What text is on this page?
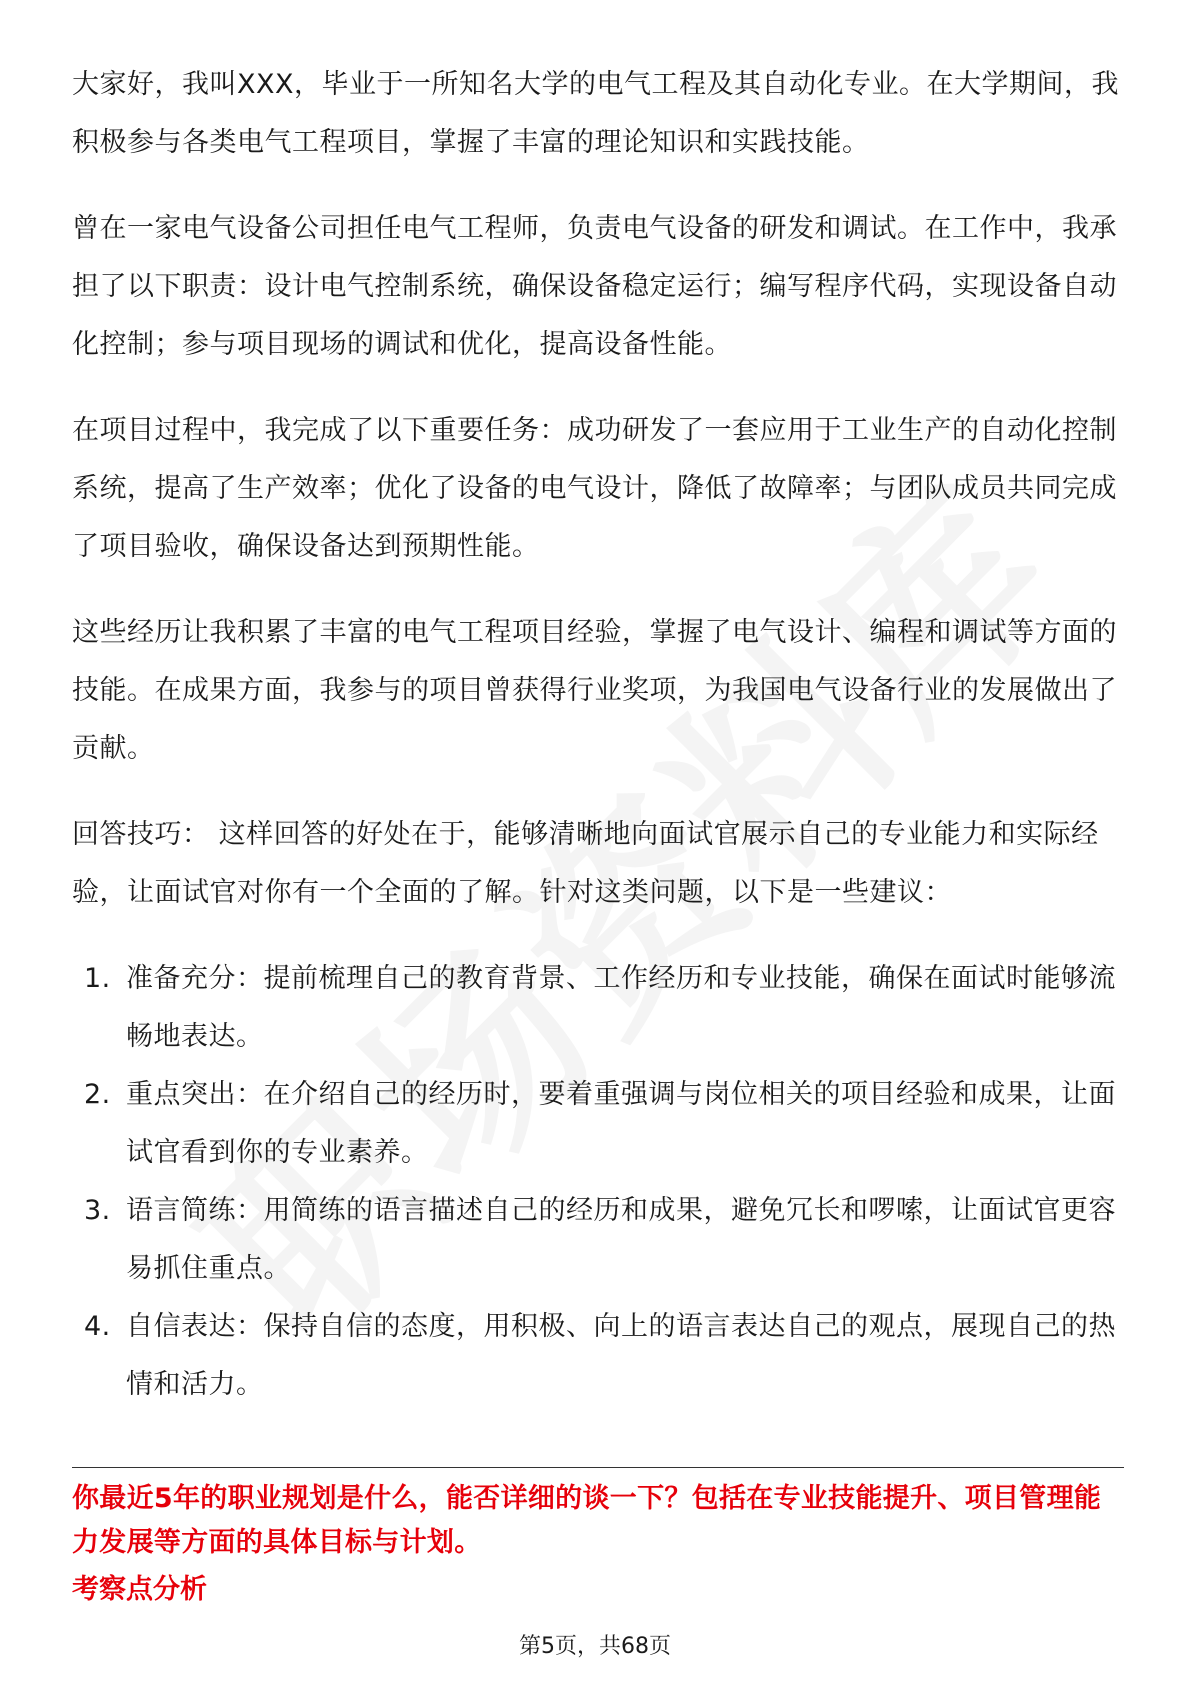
大家好，我叫XXX，毕业于一所知名大学的电气工程及其自动化专业。在大学期间，我积极参与各类电气工程项目，掌握了丰富的理论知识和实践技能。

曾在一家电气设备公司担任电气工程师，负责电气设备的研发和调试。在工作中，我承担了以下职责：设计电气控制系统，确保设备稳定运行；编写程序代码，实现设备自动化控制；参与项目现场的调试和优化，提高设备性能。

在项目过程中，我完成了以下重要任务：成功研发了一套应用于工业生产的自动化控制系统，提高了生产效率；优化了设备的电气设计，降低了故障率；与团队成员共同完成了项目验收，确保设备达到预期性能。

这些经历让我积累了丰富的电气工程项目经验，掌握了电气设计、编程和调试等方面的技能。在成果方面，我参与的项目曾获得行业奖项，为我国电气设备行业的发展做出了贡献。

回答技巧： 这样回答的好处在于，能够清晰地向面试官展示自己的专业能力和实际经验，让面试官对你有一个全面的了解。针对这类问题，以下是一些建议：

1. 准备充分：提前梳理自己的教育背景、工作经历和专业技能，确保在面试时能够流畅地表达。
2. 重点突出：在介绍自己的经历时，要着重强调与岗位相关的项目经验和成果，让面试官看到你的专业素养。
3. 语言简练：用简练的语言描述自己的经历和成果，避免冗长和啰嗦，让面试官更容易抓住重点。
4. 自信表达：保持自信的态度，用积极、向上的语言表达自己的观点，展现自己的热情和活力。
你最近5年的职业规划是什么，能否详细的谈一下？包括在专业技能提升、项目管理能力发展等方面的具体目标与计划。
考察点分析
第5页，共68页
